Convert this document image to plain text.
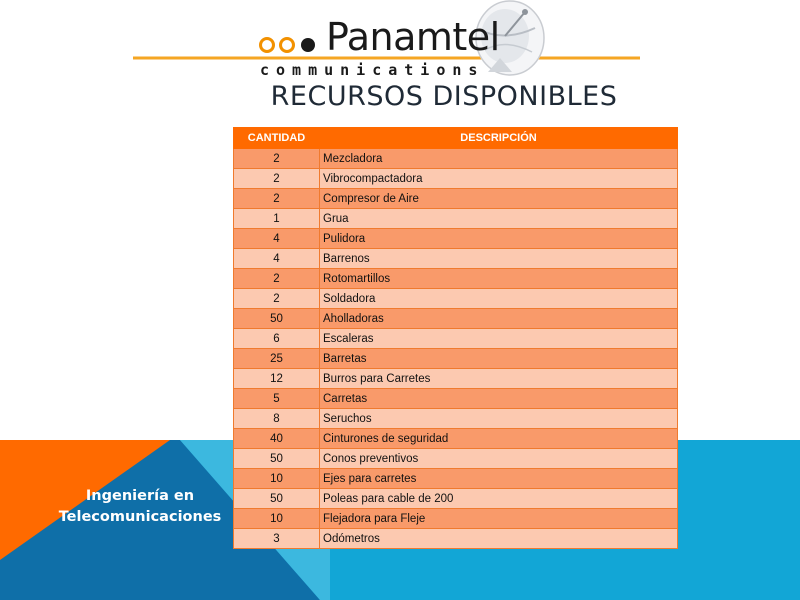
Panamtel
communications
RECURSOS DISPONIBLES
CANTIDAD	DESCRIPCIÓN
2	Mezcladora
2	Vibrocompactadora
2	Compresor de Aire
1	Grua
4	Pulidora
4	Barrenos
2	Rotomartillos
2	Soldadora
50	Aholladoras
6	Escaleras
25	Barretas
12	Burros para Carretes
5	Carretas
8	Seruchos
40	Cinturones de seguridad
50	Conos preventivos
10	Ejes para carretes
50	Poleas para cable de 200
10	Flejadora para Fleje
3	Odómetros
Ingeniería en
Telecomunicaciones
